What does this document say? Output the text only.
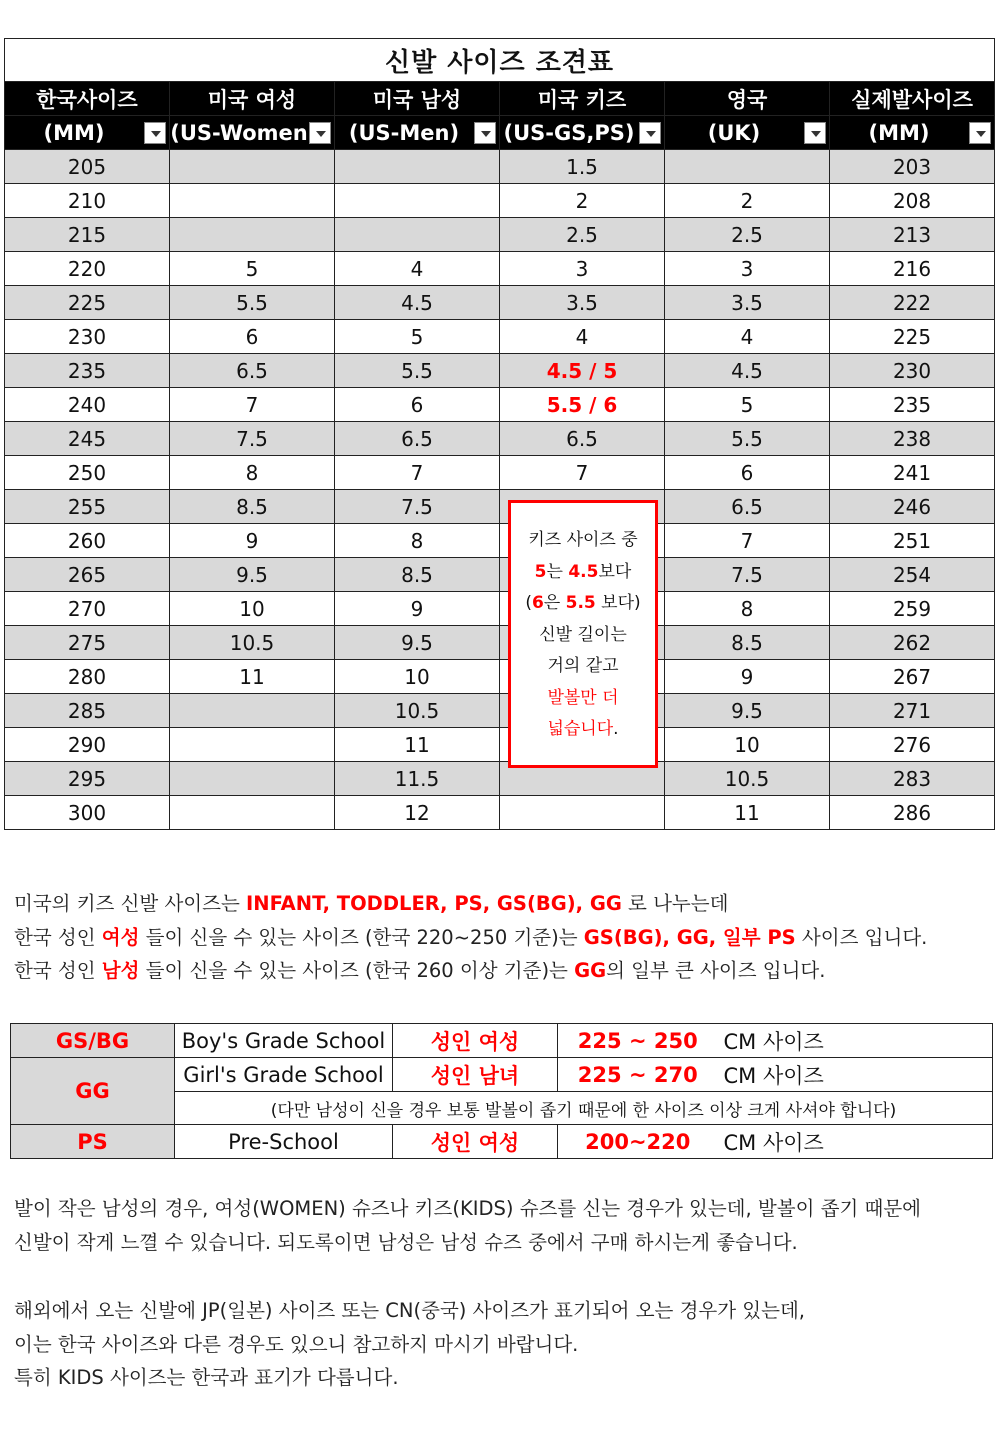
신발 사이즈 조견표					
한국사이즈	미국 여성	미국 남성	미국 키즈	영국	실제발사이즈
(MM)	(US-Women	(US-Men)	(US-GS,PS)	(UK)	(MM)

205			1.5		203
210			2	2	208
215			2.5	2.5	213
220	5	4	3	3	216
225	5.5	4.5	3.5	3.5	222
230	6	5	4	4	225
235	6.5	5.5	4.5 / 5	4.5	230
240	7	6	5.5 / 6	5	235
245	7.5	6.5	6.5	5.5	238
250	8	7	7	6	241
255	8.5	7.5		6.5	246
260	9	8		7	251
265	9.5	8.5		7.5	254
270	10	9		8	259
275	10.5	9.5		8.5	262
280	11	10		9	267
285		10.5		9.5	271
290		11		10	276
295		11.5		10.5	283
300		12		11	286
키즈 사이즈 중
5는 4.5보다
(6은 5.5 보다)
신발 길이는
거의 같고
발볼만 더
넓습니다.
미국의 키즈 신발 사이즈는 INFANT, TODDLER, PS, GS(BG), GG 로 나누는데
한국 성인 여성 들이 신을 수 있는 사이즈 (한국 220~250 기준)는 GS(BG), GG, 일부 PS 사이즈 입니다.
한국 성인 남성 들이 신을 수 있는 사이즈 (한국 260 이상 기준)는 GG의 일부 큰 사이즈 입니다.
GS/BG	Boy's Grade School	성인 여성	225 ~ 250	CM 사이즈
GG	Girl's Grade School	성인 남녀	225 ~ 270	CM 사이즈
	(다만 남성이 신을 경우 보통 발볼이 좁기 때문에 한 사이즈 이상 크게 사셔야 합니다)			
PS	Pre-School	성인 여성	200~220	CM 사이즈
발이 작은 남성의 경우, 여성(WOMEN) 슈즈나 키즈(KIDS) 슈즈를 신는 경우가 있는데, 발볼이 좁기 때문에
신발이 작게 느껼 수 있습니다. 되도록이면 남성은 남성 슈즈 중에서 구매 하시는게 좋습니다.
해외에서 오는 신발에 JP(일본) 사이즈 또는 CN(중국) 사이즈가 표기되어 오는 경우가 있는데,
이는 한국 사이즈와 다른 경우도 있으니 참고하지 마시기 바랍니다.
특히 KIDS 사이즈는 한국과 표기가 다릅니다.
